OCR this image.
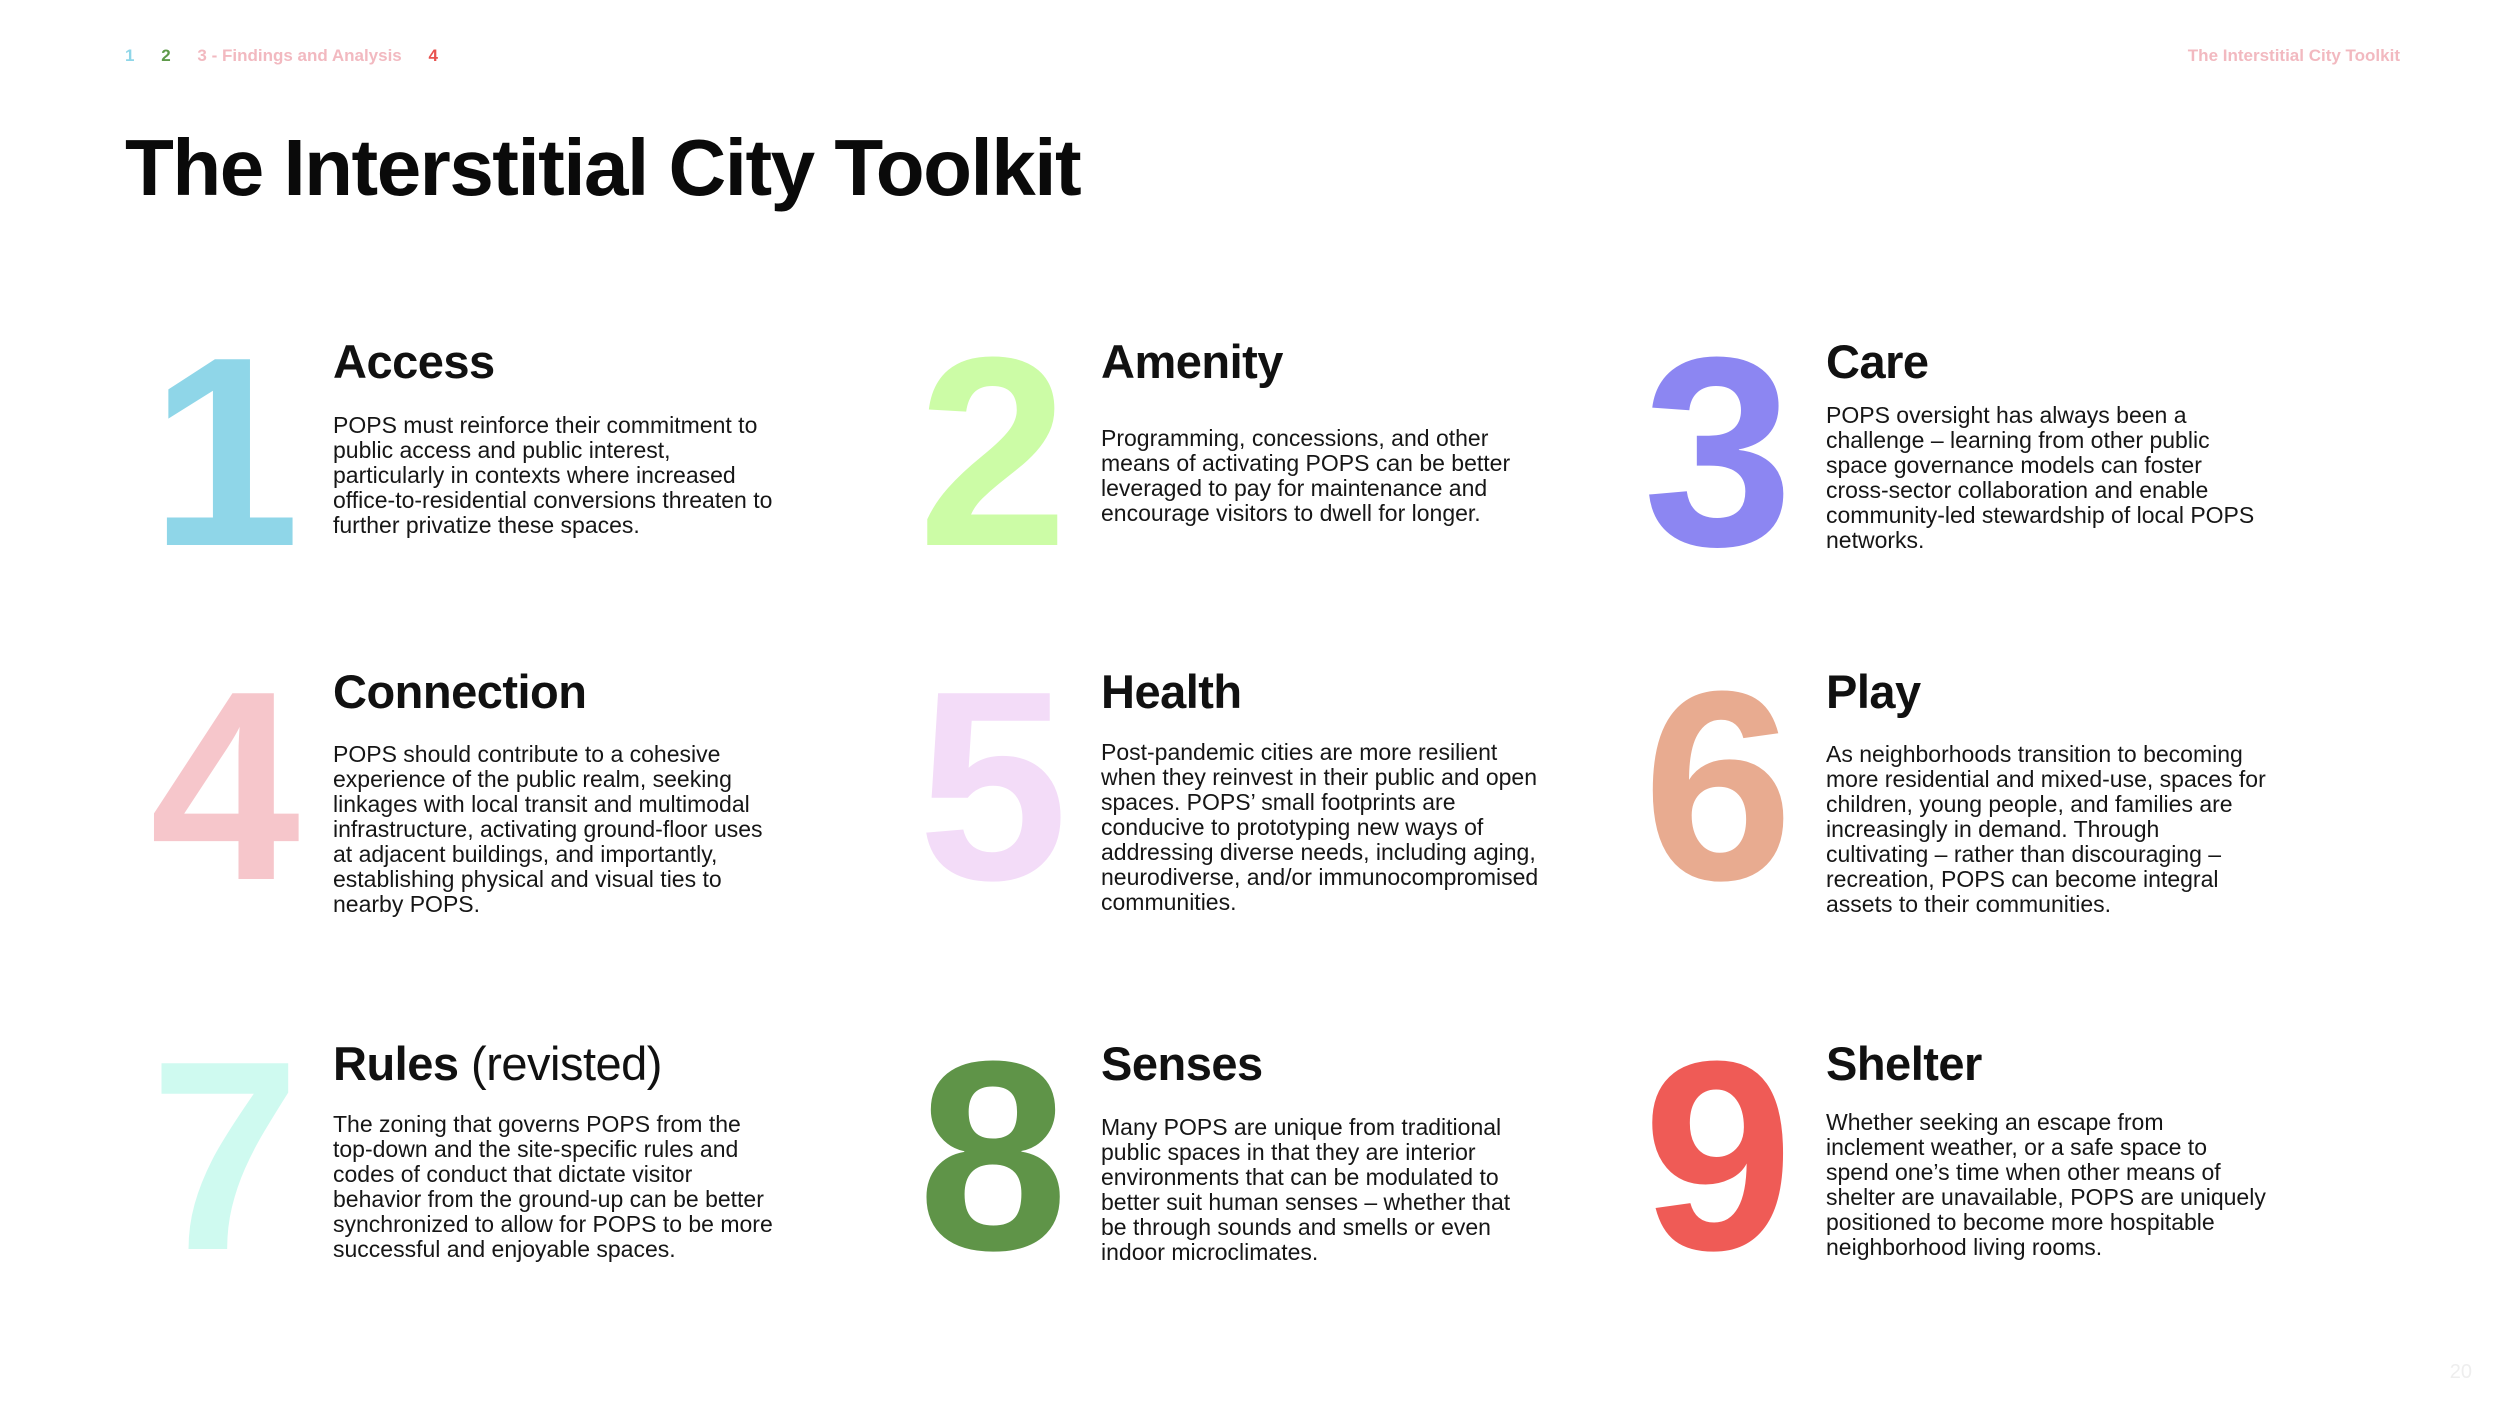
1 2 3 - Findings and Analysis 4	The Interstitial City Toolkit
The Interstitial City Toolkit
1 Access

POPS must reinforce their commitment to public access and public interest, particularly in contexts where increased office-to-residential conversions threaten to further privatize these spaces.	2 Amenity

Programming, concessions, and other means of activating POPS can be better leveraged to pay for maintenance and encourage visitors to dwell for longer. 3 Care

POPS oversight has always been a challenge – learning from other public space governance models can foster cross-sector collaboration and enable community-led stewardship of local POPS networks.

4 Connection

POPS should contribute to a cohesive experience of the public realm, seeking linkages with local transit and multimodal infrastructure, activating ground-floor uses at adjacent buildings, and importantly, establishing physical and visual ties to nearby POPS.	5 Health

Post-pandemic cities are more resilient when they reinvest in their public and open spaces. POPS’ small footprints are conducive to prototyping new ways of addressing diverse needs, including aging, neurodiverse, and/or immunocompromised communities.	6 Play

As neighborhoods transition to becoming more residential and mixed-use, spaces for children, young people, and families are increasingly in demand. Through cultivating – rather than discouraging – recreation, POPS can become integral assets to their communities.

7 Rules (revisted)

The zoning that governs POPS from the top-down and the site-specific rules and codes of conduct that dictate visitor behavior from the ground-up can be better synchronized to allow for POPS to be more successful and enjoyable spaces. 8 Senses

Many POPS are unique from traditional public spaces in that they are interior environments that can be modulated to better suit human senses – whether that be through sounds and smells or even indoor microclimates.	9 Shelter

Whether seeking an escape from inclement weather, or a safe space to spend one’s time when other means of shelter are unavailable, POPS are uniquely positioned to become more hospitable neighborhood living rooms.

20
